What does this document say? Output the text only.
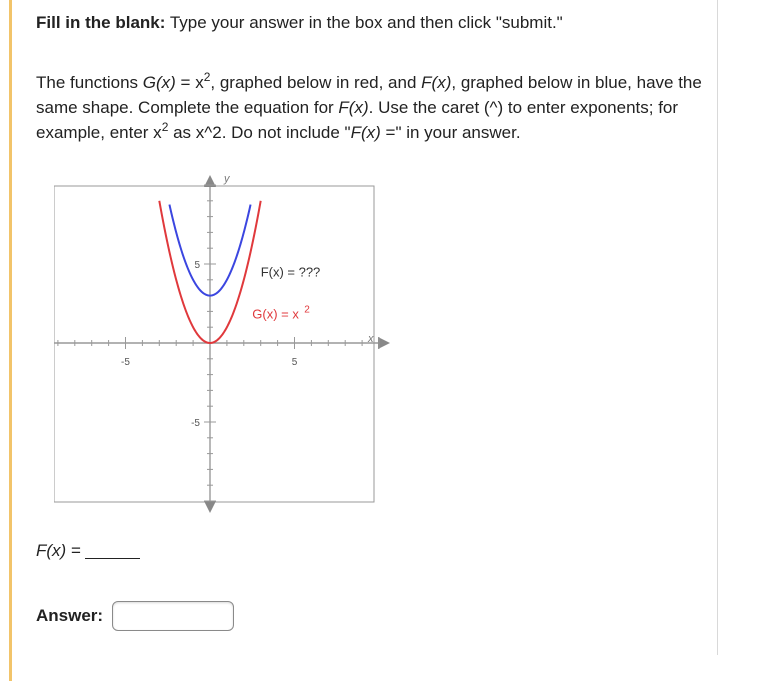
Fill in the blank: Type your answer in the box and then click "submit."
The functions $G(x) = x^2$, graphed below in red, and F(x), graphed below in blue, have the same shape. Complete the equation for F(x). Use the caret (^) to enter exponents; for example, enter $x^2$ as x^2. Do not include "F(x) =" in your answer.
-5	5
5
-5
x
y
F(x) = ???
G(x) = x 2
F(x) =
Answer:
